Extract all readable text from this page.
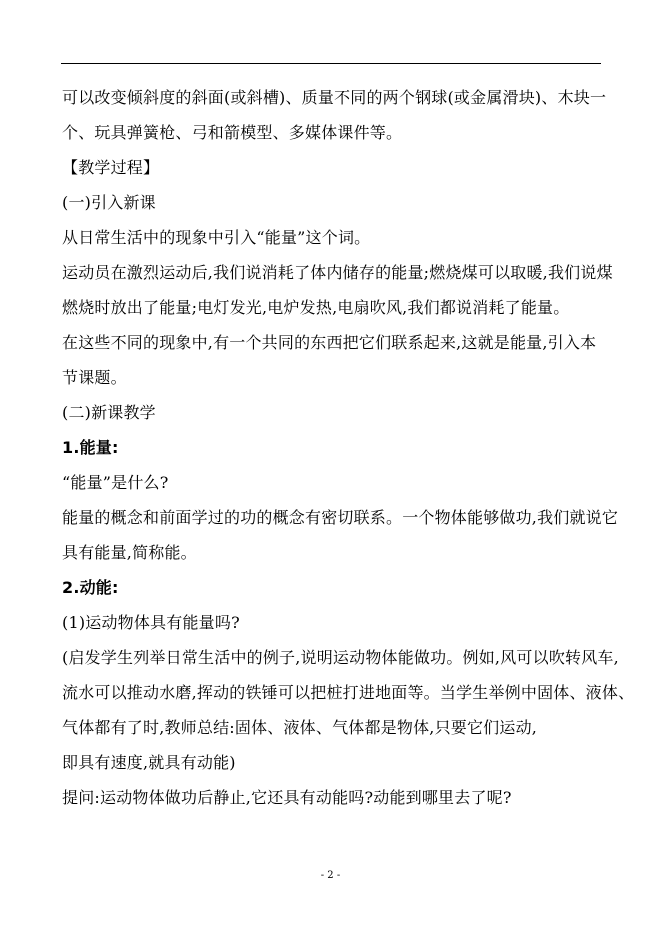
可以改变倾斜度的斜面(或斜槽)、质量不同的两个钢球(或金属滑块)、木块一

个、玩具弹簧枪、弓和箭模型、多媒体课件等。

【教学过程】

(一)引入新课

从日常生活中的现象中引入“能量”这个词。

运动员在激烈运动后,我们说消耗了体内储存的能量;燃烧煤可以取暖,我们说煤

燃烧时放出了能量;电灯发光,电炉发热,电扇吹风,我们都说消耗了能量。

在这些不同的现象中,有一个共同的东西把它们联系起来,这就是能量,引入本

节课题。

(二)新课教学

1.能量:

“能量”是什么?

能量的概念和前面学过的功的概念有密切联系。一个物体能够做功,我们就说它

具有能量,简称能。

2.动能:

(1)运动物体具有能量吗?

(启发学生列举日常生活中的例子,说明运动物体能做功。例如,风可以吹转风车,

流水可以推动水磨,挥动的铁锤可以把桩打进地面等。当学生举例中固体、液体、

气体都有了时,教师总结:固体、液体、气体都是物体,只要它们运动,

即具有速度,就具有动能)

提问:运动物体做功后静止,它还具有动能吗?动能到哪里去了呢?

- 2 -
